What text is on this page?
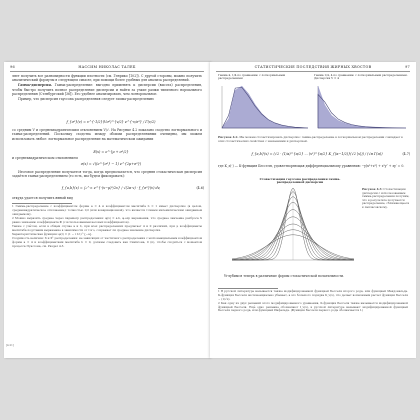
96	НАССИМ НИКОЛАС ТАЛЕБ

ляет получить все разновидности функции плотности (см. Генрико [102]). С другой стороны, можно получить аналитический формулы в следующем смысле, при помощи более удобных для анализа распределений.

Гамма-дисперсия. Гамма-распределение: выгодно применять к дисперсии (высота) распределения, чтобы быстро получить полное распределение дисперсии и найти за узкие рамки типичного нормального распределения (Стэнбургский [36]). Его удобнее анализировать, чем логнормальное.

Пример, что дисперсия гауссова распределения следует гамма-распределению

f_{σ²}(v) = v^{-1/2}(Vσ²)^{v/2} e^{-v/σ²} / Γ(v/2)

со средним V и среднеквадратическим отклонением V/√. На Рисунке 4.2 показано сходство логнормального и гамма-распределений. Поскольку сходства между обоими распределениями очевидны, мы можем использовать любое: логнормальное распределение на математическом ожидании

E(x) = e^{μ + σ²/2}

и среднеквадратическом отклонением

σ(x) = √((e^{σ²} − 1) e^{2μ+σ²})

Итоговое распределение получается тогда, когда предполагается, что средняя стохастическая дисперсия задаётся гамма-распределением (то есть, мы будем фиксировать):

f_{a,b}(x) = ∫₀^∞ e^{-(x−μ)²/2v} / √(2π v) · f_{σ²}(v) dv,	(4.6)

откуда удается получить явный вид

1 Гамма-распределение с коэффициентом формы а = 4 и коэффициентом масштаба b = 1 имеет дисперсию (в целом, среднеквадратическое отклонение): точностью 1/2 (или ковариационной), что является точным математическим ожиданием ожидаемому.

2 Можно выразить среднее через параметр распределения: φ(x) = a·b, φ·exp выражения, что среднее значение разброса Х равно значению коэффициента Ф (с использованием весовых коэффициентов).

Также с учётом, если в общем случае a и b, при всех распределениях предлагает 4 и 0 различий, при μ коэффициенты масштаба подставим выражение в зависимости от того, сохраняет ли среднее значение дисперсия.

Характеристическая функция: φ(t) = (1 − i b t)^{−a}.

Сходимость величин: Х и Х¹ распределения: не зависящих от частичного распределения с экспоненциальным коэффициентом формы а = 4 и коэффициентами масштаба b = 0, должны следовать как Симпсона, 0 (n), чтобы сходиться с моментом процесса Пуассона, см. Раздел 4.3.

[4.21]
СТАТИСТИЧЕСКИЕ ПОСЛЕДСТВИЯ ЖИРНЫХ ХВОСТОВ	97
Гамма 4, 1/4 по сравнению с логнормальным распределением
Гамма 1/4, 4 по сравнению с логнормальным распределением. Дисперсия V = 4
Рисунок 4.2. Мы можем стохастизировать дисперсию: гамма-распределение в логнормальном распределении совпадает в этих стохастических свойствах с значениями и дисперсией.
f_{a,b}(x) = (√2 · (1/α)^{α/2} ... (x²)^{α/2} K_{(α−1/2)}(√2 |x|)) / (√π Γ(α))	(4.7)

где K_z(·) — К-функция Бесселя, удовлетворяющая дифференциальному уравнению −y(x²+z²) + z²y″ + zy′ = 0.

Стохастизация гауссова распределения гамма-распределенной дисперсии
Рисунок 4.3: Стохастизация дисперсии с использованием гамма-распределения получим, что в результате получается распределение, сближающееся к лапласовскому.

Углубимся теперь в различные формы стохастической волатильности.

1 В русской литературе называется также модифицированной функцией Бесселя второго рода, или функцией Макдональда. К-функция Бесселя экспоненциально убывает, а это большого порядка K_v(x), что делает возможным расчет функции Бесселя ~ (1/√x).

2 Как одну из двух решений этого модифицированного уравнения, K-функция Бесселя также называется модифицированной функцией Бесселя. Ещё одно решение обозначают I_v(x), в русской литературе называют модифицированной функцией Бесселя первого рода, или функцией Инфельда. (Функция Бесселя первого рода обозначается I.)
